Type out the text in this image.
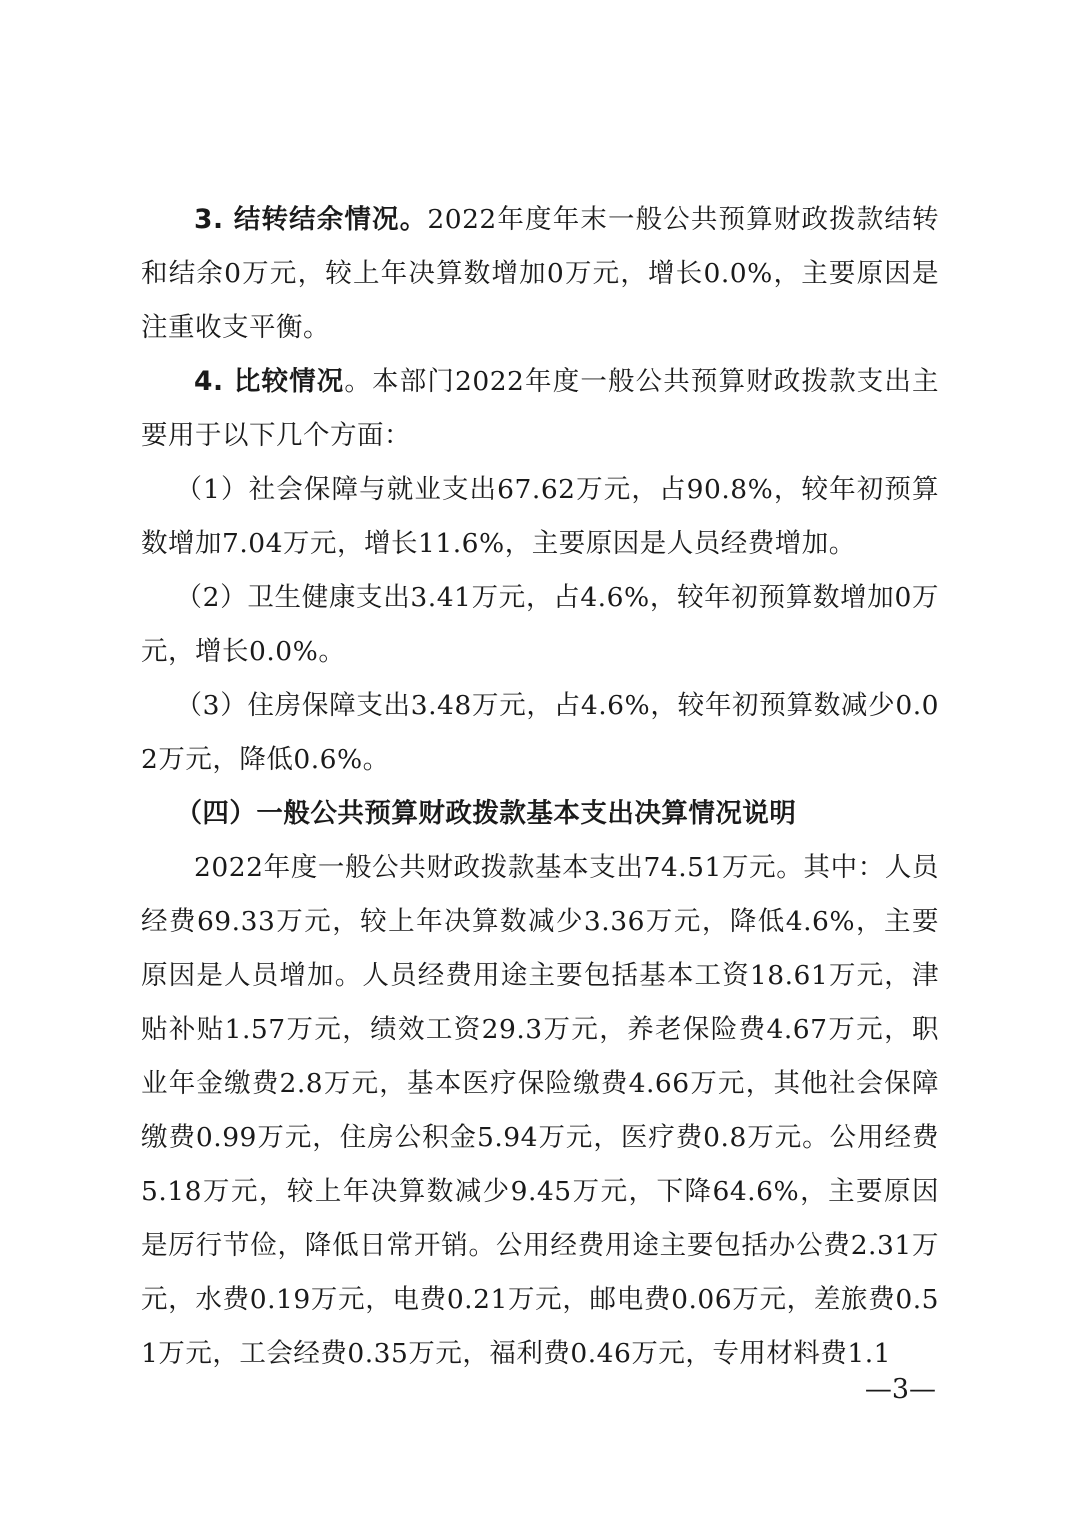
3. 结转结余情况。2022年度年末一般公共预算财政拨款结转和结余0万元，较上年决算数增加0万元，增长0.0%，主要原因是注重收支平衡。

4. 比较情况。本部门2022年度一般公共预算财政拨款支出主要用于以下几个方面：

（1）社会保障与就业支出67.62万元，占90.8%，较年初预算数增加7.04万元，增长11.6%，主要原因是人员经费增加。

（2）卫生健康支出3.41万元，占4.6%，较年初预算数增加0万元，增长0.0%。

（3）住房保障支出3.48万元，占4.6%，较年初预算数减少0.02万元，降低0.6%。

（四）一般公共预算财政拨款基本支出决算情况说明

2022年度一般公共财政拨款基本支出74.51万元。其中：人员经费69.33万元，较上年决算数减少3.36万元，降低4.6%，主要原因是人员增加。人员经费用途主要包括基本工资18.61万元，津贴补贴1.57万元，绩效工资29.3万元，养老保险费4.67万元，职业年金缴费2.8万元，基本医疗保险缴费4.66万元，其他社会保障缴费0.99万元，住房公积金5.94万元，医疗费0.8万元。公用经费5.18万元，较上年决算数减少9.45万元，下降64.6%，主要原因是厉行节俭，降低日常开销。公用经费用途主要包括办公费2.31万元，水费0.19万元，电费0.21万元，邮电费0.06万元，差旅费0.51万元，工会经费0.35万元，福利费0.46万元，专用材料费1.1

—3—
